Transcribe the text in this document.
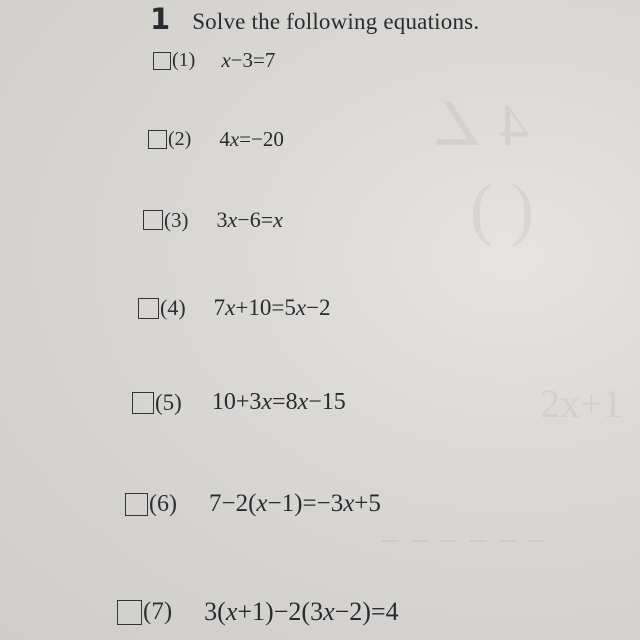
4 ∠
( )
2x+1
− − − − − −
1 Solve the following equations.
(1) x−3=7
(2) 4x=−20
(3) 3x−6=x
(4) 7x+10=5x−2
(5) 10+3x=8x−15
(6) 7−2(x−1)=−3x+5
(7) 3(x+1)−2(3x−2)=4
